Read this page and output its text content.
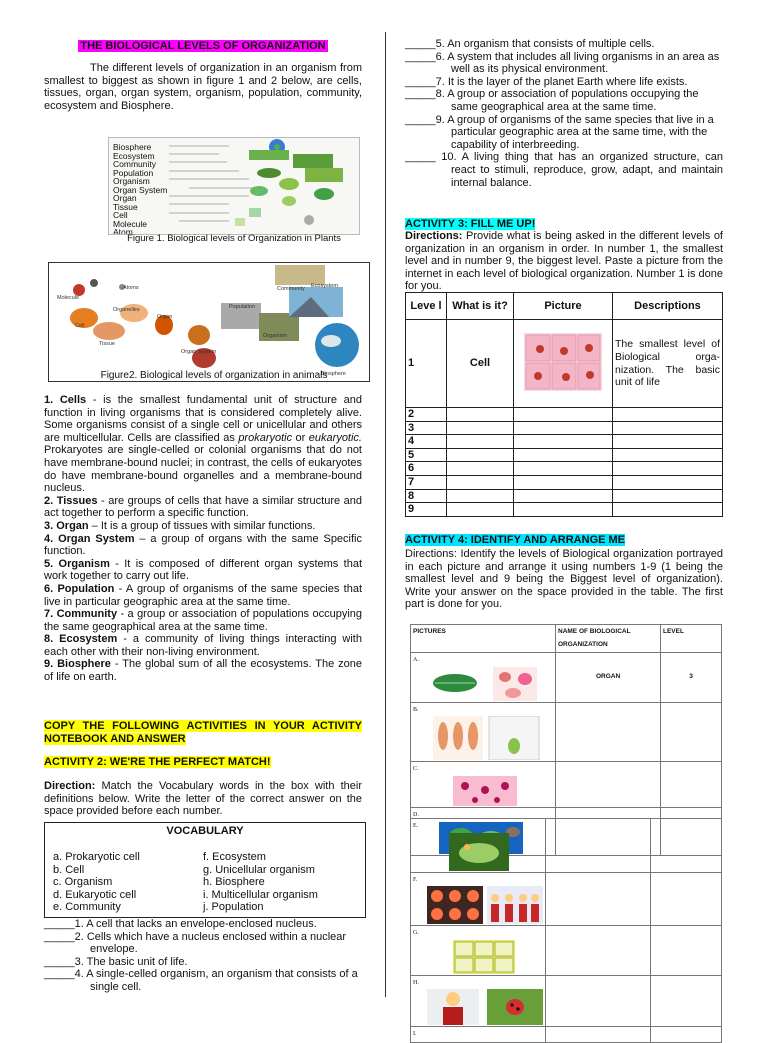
THE BIOLOGICAL LEVELS OF ORGANIZATION
The different levels of organization in an organism from smallest to biggest as shown in figure 1 and 2 below, are cells, tissues, organ, organ system, organism, population, community, ecosystem and Biosphere.
Biosphere
Ecosystem
Community
Population
Organism
Organ System
Organ
Tissue
Cell
Molecule
Atom
Figure 1. Biological levels of Organization in Plants
Atoms
Molecule
Organelles
Cell
Tissue
Organ
Population
Organ System
Organism
Community Ecosystem
Biosphere
Figure2. Biological levels of organization in animals
1. Cells - is the smallest fundamental unit of structure and function in living organisms that is considered completely alive. Some organisms consist of a single cell or unicellular and others are multicellular. Cells are classified as prokaryotic or eukaryotic. Prokaryotes are single-celled or colonial organisms that do not have membrane-bound nuclei; in contrast, the cells of eukaryotes do have membrane-bound organelles and a membrane-bound nucleus.
2. Tissues - are groups of cells that have a similar structure and act together to perform a specific function.
3. Organ – It is a group of tissues with similar functions.
4. Organ System – a group of organs with the same Specific function.
5. Organism - It is composed of different organ systems that work together to carry out life.
6. Population - A group of organisms of the same species that live in particular geographic area at the same time.
7. Community - a group or association of populations occupying the same geographical area at the same time.
8. Ecosystem - a community of living things interacting with each other with their non-living environment.
9. Biosphere - The global sum of all the ecosystems. The zone of life on earth.
COPY THE FOLLOWING ACTIVITIES IN YOUR ACTIVITY NOTEBOOK AND ANSWER
ACTIVITY 2: WE'RE THE PERFECT MATCH!
Direction: Match the Vocabulary words in the box with their definitions below. Write the letter of the correct answer on the space provided before each number.
VOCABULARY
a. Prokaryotic cell
b. Cell
c. Organism
d. Eukaryotic cell
e. Community
f. Ecosystem
g. Unicellular organism
h. Biosphere
i. Multicellular organism
j. Population
_____1. A cell that lacks an envelope-enclosed nucleus.
_____2. Cells which have a nucleus enclosed within a nuclear envelope.
_____3. The basic unit of life.
_____4. A single-celled organism, an organism that consists of a single cell.
_____5. An organism that consists of multiple cells.
_____6. A system that includes all living organisms in an area as well as its physical environment.
_____7. It is the layer of the planet Earth where life exists.
_____8. A group or association of populations occupying the same geographical area at the same time.
_____9. A group of organisms of the same species that live in a particular geographic area at the same time, with the capability of interbreeding.
_____ 10. A living thing that has an organized structure, can react to stimuli, reproduce, grow, adapt, and maintain internal balance.
ACTIVITY 3: FILL ME UP!
Directions: Provide what is being asked in the different levels of organization in an organism in order. In number 1, the smallest level and in number 9, the biggest level. Paste a picture from the internet in each level of biological organization. Number 1 is done for you.
Leve l	What is it?	Picture	Descriptions
1	Cell		The smallest level of Biological orga-nization. The basic unit of life
2			
3			
4			
5			
6			
7			
8			
9			
ACTIVITY 4: IDENTIFY AND ARRANGE ME
Directions: Identify the levels of Biological organization portrayed in each picture and arrange it using numbers 1-9 (1 being the smallest level and 9 being the Biggest level of organization). Write your answer on the space provided in the table. The first part is done for you.
PICTURES	NAME OF BIOLOGICAL ORGANIZATION	LEVEL
A.	ORGAN	3
B.

C.

D.

E.

F.

G.

H.

I.		
